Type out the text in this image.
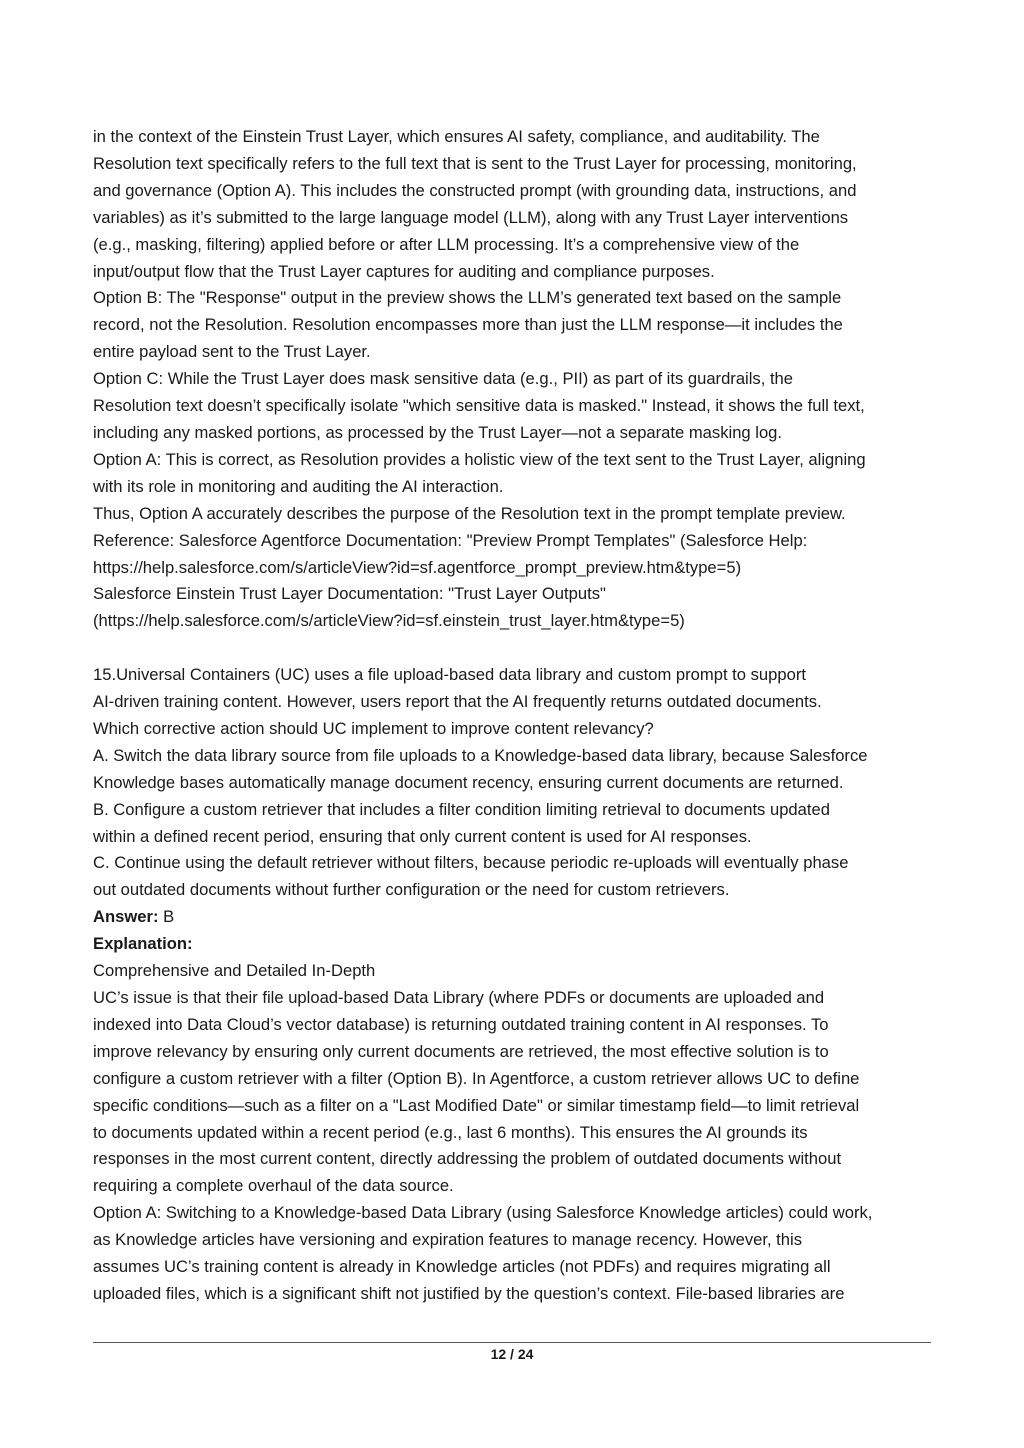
in the context of the Einstein Trust Layer, which ensures AI safety, compliance, and auditability. The

Resolution text specifically refers to the full text that is sent to the Trust Layer for processing, monitoring,

and governance (Option A). This includes the constructed prompt (with grounding data, instructions, and

variables) as it’s submitted to the large language model (LLM), along with any Trust Layer interventions

(e.g., masking, filtering) applied before or after LLM processing. It’s a comprehensive view of the

input/output flow that the Trust Layer captures for auditing and compliance purposes.

Option B: The "Response" output in the preview shows the LLM’s generated text based on the sample

record, not the Resolution. Resolution encompasses more than just the LLM response—it includes the

entire payload sent to the Trust Layer.

Option C: While the Trust Layer does mask sensitive data (e.g., PII) as part of its guardrails, the

Resolution text doesn’t specifically isolate "which sensitive data is masked." Instead, it shows the full text,

including any masked portions, as processed by the Trust Layer—not a separate masking log.

Option A: This is correct, as Resolution provides a holistic view of the text sent to the Trust Layer, aligning

with its role in monitoring and auditing the AI interaction.

Thus, Option A accurately describes the purpose of the Resolution text in the prompt template preview.

Reference: Salesforce Agentforce Documentation: "Preview Prompt Templates" (Salesforce Help:

https://help.salesforce.com/s/articleView?id=sf.agentforce_prompt_preview.htm&type=5)

Salesforce Einstein Trust Layer Documentation: "Trust Layer Outputs"

(https://help.salesforce.com/s/articleView?id=sf.einstein_trust_layer.htm&type=5)

15.Universal Containers (UC) uses a file upload-based data library and custom prompt to support

AI-driven training content. However, users report that the AI frequently returns outdated documents.

Which corrective action should UC implement to improve content relevancy?

A. Switch the data library source from file uploads to a Knowledge-based data library, because Salesforce

Knowledge bases automatically manage document recency, ensuring current documents are returned.

B. Configure a custom retriever that includes a filter condition limiting retrieval to documents updated

within a defined recent period, ensuring that only current content is used for AI responses.

C. Continue using the default retriever without filters, because periodic re-uploads will eventually phase

out outdated documents without further configuration or the need for custom retrievers.

Answer: B

Explanation:

Comprehensive and Detailed In-Depth

UC’s issue is that their file upload-based Data Library (where PDFs or documents are uploaded and

indexed into Data Cloud’s vector database) is returning outdated training content in AI responses. To

improve relevancy by ensuring only current documents are retrieved, the most effective solution is to

configure a custom retriever with a filter (Option B). In Agentforce, a custom retriever allows UC to define

specific conditions—such as a filter on a "Last Modified Date" or similar timestamp field—to limit retrieval

to documents updated within a recent period (e.g., last 6 months). This ensures the AI grounds its

responses in the most current content, directly addressing the problem of outdated documents without

requiring a complete overhaul of the data source.

Option A: Switching to a Knowledge-based Data Library (using Salesforce Knowledge articles) could work,

as Knowledge articles have versioning and expiration features to manage recency. However, this

assumes UC’s training content is already in Knowledge articles (not PDFs) and requires migrating all

uploaded files, which is a significant shift not justified by the question’s context. File-based libraries are

12 / 24
